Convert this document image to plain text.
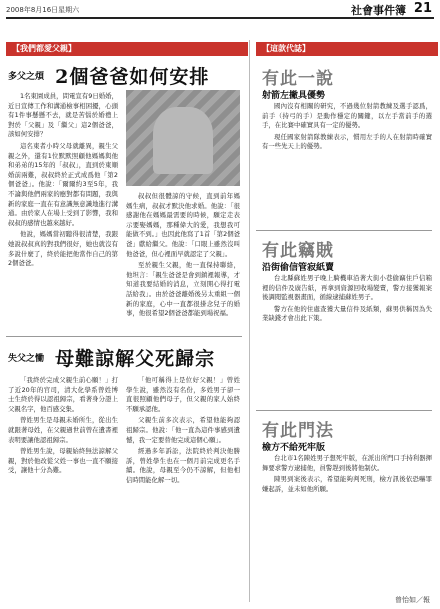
2008年8月16日星期六	社會事件簿 21
【我們都愛父親】
多父之煩 2個爸爸如何安排

1名東園成員，問電宣有9日婚婚，近日宣傳工作和溝通檢事相困擾，心頭有1件事懸懸不去，就是苦惱於婚禮上對於「父親」及「繼父」這2個爸爸，該如何安排？

這名東者小時父母就離異，親生父親之外，還有1位默默照顧他媽媽與他和弟弟的15年的「叔叔」，直到於東順婚前兩難，叔叔終於正式成爲他「第2個爸爸」。他說：「爾爾約3至5年，我不論與他們兩家的應對都有問題，我與新的家庭一直在有意識無意識地進行溝通。由於家人在場上受到了影響，我和叔叔的感情也越來越好。

他說，媽媽當初聽得很清楚，我跟她說叔叔真的對我們很好，她也就沒有多說什麼了，終於能把他當作自己的第2個爸爸。

叔叔但很體諒的守候，直到前年媽媽生病，叔叔才默決他求婚。他說：「很感謝他在媽媽最需要的時候，願定走表示要娶媽媽，那種偉大的愛，我想我可能做不到。」也因此他寫了1首「第2個爸爸」獻給繼父。他說：「口眼上雖然沒叫他爸爸，但心裡面早就認定了父親」。

至於親生父親，他一直保持聯絡，他坦言：「親生爸爸是會到鎮裡報導，才知道我要結婚的消息，立刻開心得打電話給我」。由於爸爸離婚後另太重組一個新的家庭，心中一直都很掛念兒子的婚事，他很希望2個爸爸都能到場祝福。

失父之慟 母難諒解父死歸宗

「我終於完成父親生前心願！」打了近20年的官司，清大化學系曾姓博士生終於得以認祖歸宗，看著身分證上父親名字，他百感交集。

曾姓男生是母親未婚所生，從出生就跟著母姓，在父親過世前曾在遺書裡表明要讓他認祖歸宗。

曾姓男生說，母親始終無法諒解父親，對於他改從父姓一事也一直不願接受，讓他十分為難。

「他可稱得上是位好父親！」曾姓學生說，雖然沒有名份，多姓男子卻一直很照顧他們母子，但父親的家人始終不願承認他。

父親生前多次表示，希望他能夠認祖歸宗。他說：「他一直為這件事感到遺憾，我一定要替他完成這個心願」。

經過多年訴訟，法院終於判決他勝訴，曾姓學生也在一個月前完成更名手續。他說，母親至今仍不諒解，但他相信時間能化解一切。

【這款代誌】
有此一說
射箭左撇具優勢

國內沒有相關的研究，不過幾位射箭教練及選手認爲，前手（持弓的手）是動作穩定的關鍵，以左手當前手的選手，在比賽中確實具有一定的優勢。

現任國家射箭隊教練表示，慣用左手的人在射箭時確實有一些先天上的優勢。

有此竊賊
沿街偷信管寂紙賣

台北縣蘇姓男子晚上騎機車沿著大街小巷偷竊住戶信箱裡的信件及廣告紙，再拿到資源回收場變賣，警方接獲報案後調閱監視器畫面，循線逮捕蘇姓男子。

警方在他的住處查獲大量信件及紙類，蘇男供稱因為失業缺錢才會出此下策。

有此門法
檢方不給死牢版

台北市1名陳姓男子想死牢版，在派出所門口手持利器揮舞要求警方逮捕他，員警趕到後將他制伏。

陳男到案後表示，希望能夠判死刑，檢方訊後依恐嚇罪嫌起訴，並未如他所願。

曾怡如／報
